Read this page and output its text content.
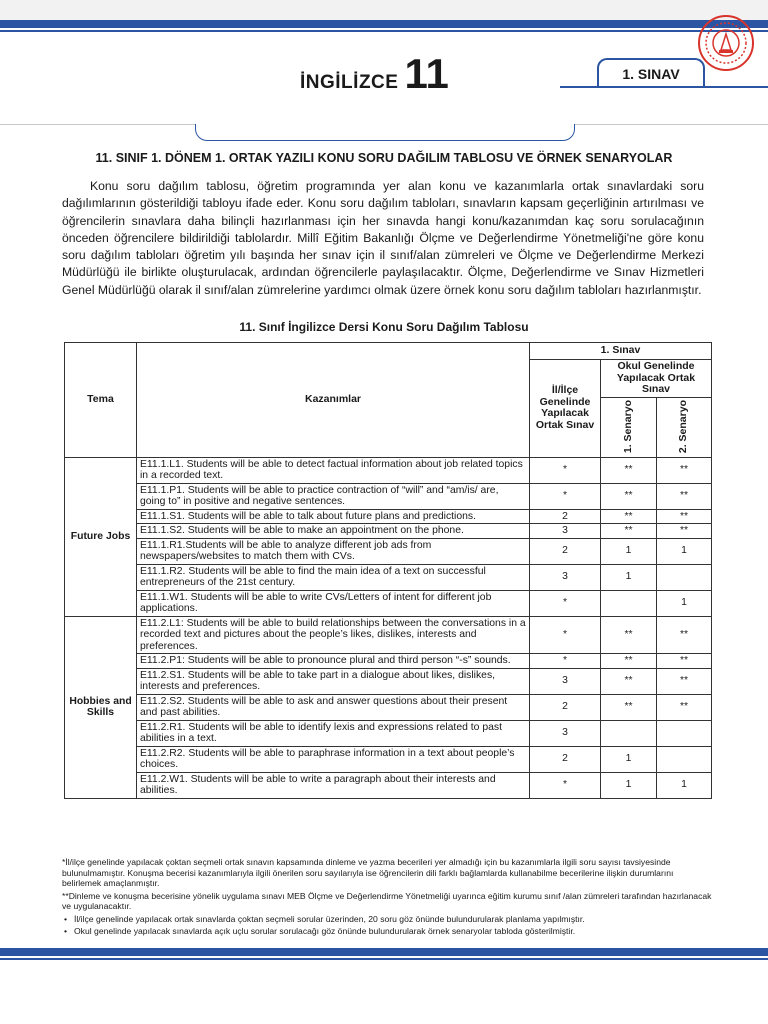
İNGİLİZCE 11	1. SINAV
11. SINIF 1. DÖNEM 1. ORTAK YAZILI KONU SORU DAĞILIM TABLOSU VE ÖRNEK SENARYOLAR

Konu soru dağılım tablosu, öğretim programında yer alan konu ve kazanımlarla ortak sınavlardaki soru dağılımlarının gösterildiği tabloyu ifade eder. Konu soru dağılım tabloları, sınavların kapsam geçerliğinin artırılması ve öğrencilerin sınavlara daha bilinçli hazırlanması için her sınavda hangi konu/kazanımdan kaç soru sorulacağının önceden öğrencilere bildirildiği tablolardır. Millî Eğitim Bakanlığı Ölçme ve Değerlendirme Yönetmeliği'ne göre konu soru dağılım tabloları öğretim yılı başında her sınav için il sınıf/alan zümreleri ve Ölçme ve Değerlendirme Merkezi Müdürlüğü ile birlikte oluşturulacak, ardından öğrencilerle paylaşılacaktır. Ölçme, Değerlendirme ve Sınav Hizmetleri Genel Müdürlüğü olarak il sınıf/alan zümrelerine yardımcı olmak üzere örnek konu soru dağılım tabloları hazırlanmıştır.

11. Sınıf İngilizce Dersi Konu Soru Dağılım Tablosu
Tema	Kazanımlar	1. Sınav		
		İl/İlçe Genelinde Yapılacak Ortak Sınav	Okul Genelinde Yapılacak Ortak Sınav	

			1. Senaryo	2. Senaryo

Future Jobs	E11.1.L1. Students will be able to detect factual information about job related topics in a recorded text.	*	**	**
	E11.1.P1. Students will be able to practice contraction of “will” and “am/is/ are, going to” in positive and negative sentences.	*	**	**
	E11.1.S1. Students will be able to talk about future plans and predictions.	2	**	**
	E11.1.S2. Students will be able to make an appointment on the phone.	3	**	**
	E11.1.R1.Students will be able to analyze different job ads from newspapers/websites to match them with CVs.	2	1	1
	E11.1.R2. Students will be able to find the main idea of a text on successful entrepreneurs of the 21st century.	3	1	
	E11.1.W1. Students will be able to write CVs/Letters of intent for different job applications.	*		1
Hobbies and Skills	E11.2.L1: Students will be able to build relationships between the conversations in a recorded text and pictures about the people’s likes, dislikes, interests and preferences.	*	**	**
	E11.2.P1: Students will be able to pronounce plural and third person “-s” sounds.	*	**	**
	E11.2.S1. Students will be able to take part in a dialogue about likes, dislikes, interests and preferences.	3	**	**
	E11.2.S2. Students will be able to ask and answer questions about their present and past abilities.	2	**	**
	E11.2.R1. Students will be able to identify lexis and expressions related to past abilities in a text.	3		
	E11.2.R2. Students will be able to paraphrase information in a text about people’s choices.	2	1	
	E11.2.W1. Students will be able to write a paragraph about their interests and abilities.	*	1	1

*İl/ilçe genelinde yapılacak çoktan seçmeli ortak sınavın kapsamında dinleme ve yazma becerileri yer almadığı için bu kazanımlarla ilgili soru sayısı tavsiyesinde bulunulmamıştır. Konuşma becerisi kazanımlarıyla ilgili önerilen soru sayılarıyla ise öğrencilerin dili farklı bağlamlarda kullanabilme becerilerine ilişkin durumlarını belirlemek amaçlanmıştır.

**Dinleme ve konuşma becerisine yönelik uygulama sınavı MEB Ölçme ve Değerlendirme Yönetmeliği uyarınca eğitim kurumu sınıf /alan zümreleri tarafından hazırlanacak ve uygulanacaktır.

• İl/ilçe genelinde yapılacak ortak sınavlarda çoktan seçmeli sorular üzerinden, 20 soru göz önünde bulundurularak planlama yapılmıştır.

• Okul genelinde yapılacak sınavlarda açık uçlu sorular sorulacağı göz önünde bulundurularak örnek senaryolar tabloda gösterilmiştir.
